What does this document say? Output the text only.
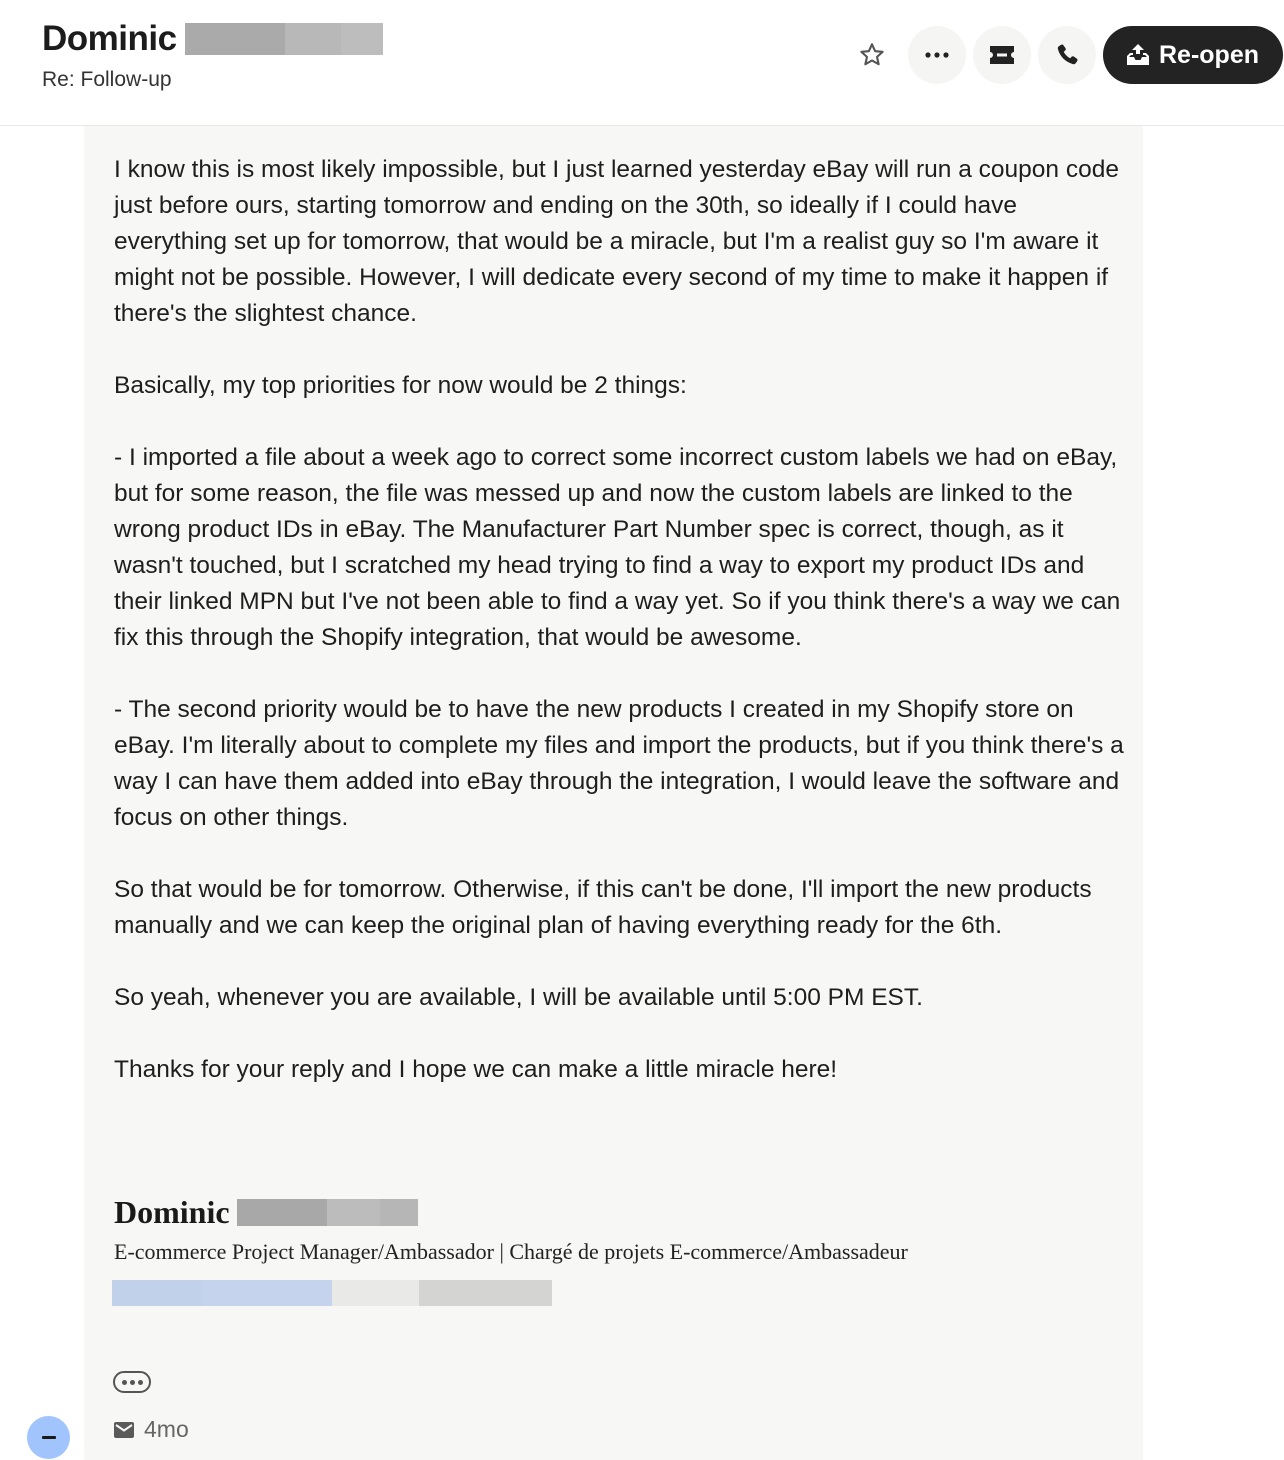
Dominic
Re: Follow-up
Re-open

I know this is most likely impossible, but I just learned yesterday eBay will run a coupon code just before ours, starting tomorrow and ending on the 30th, so ideally if I could have everything set up for tomorrow, that would be a miracle, but I'm a realist guy so I'm aware it might not be possible. However, I will dedicate every second of my time to make it happen if there's the slightest chance.

Basically, my top priorities for now would be 2 things:

- I imported a file about a week ago to correct some incorrect custom labels we had on eBay, but for some reason, the file was messed up and now the custom labels are linked to the wrong product IDs in eBay. The Manufacturer Part Number spec is correct, though, as it wasn't touched, but I scratched my head trying to find a way to export my product IDs and their linked MPN but I've not been able to find a way yet. So if you think there's a way we can fix this through the Shopify integration, that would be awesome.

- The second priority would be to have the new products I created in my Shopify store on eBay. I'm literally about to complete my files and import the products, but if you think there's a way I can have them added into eBay through the integration, I would leave the software and focus on other things.

So that would be for tomorrow. Otherwise, if this can't be done, I'll import the new products manually and we can keep the original plan of having everything ready for the 6th.

So yeah, whenever you are available, I will be available until 5:00 PM EST.

Thanks for your reply and I hope we can make a little miracle here!

Dominic
E-commerce Project Manager/Ambassador | Chargé de projets E-commerce/Ambassadeur
4mo
